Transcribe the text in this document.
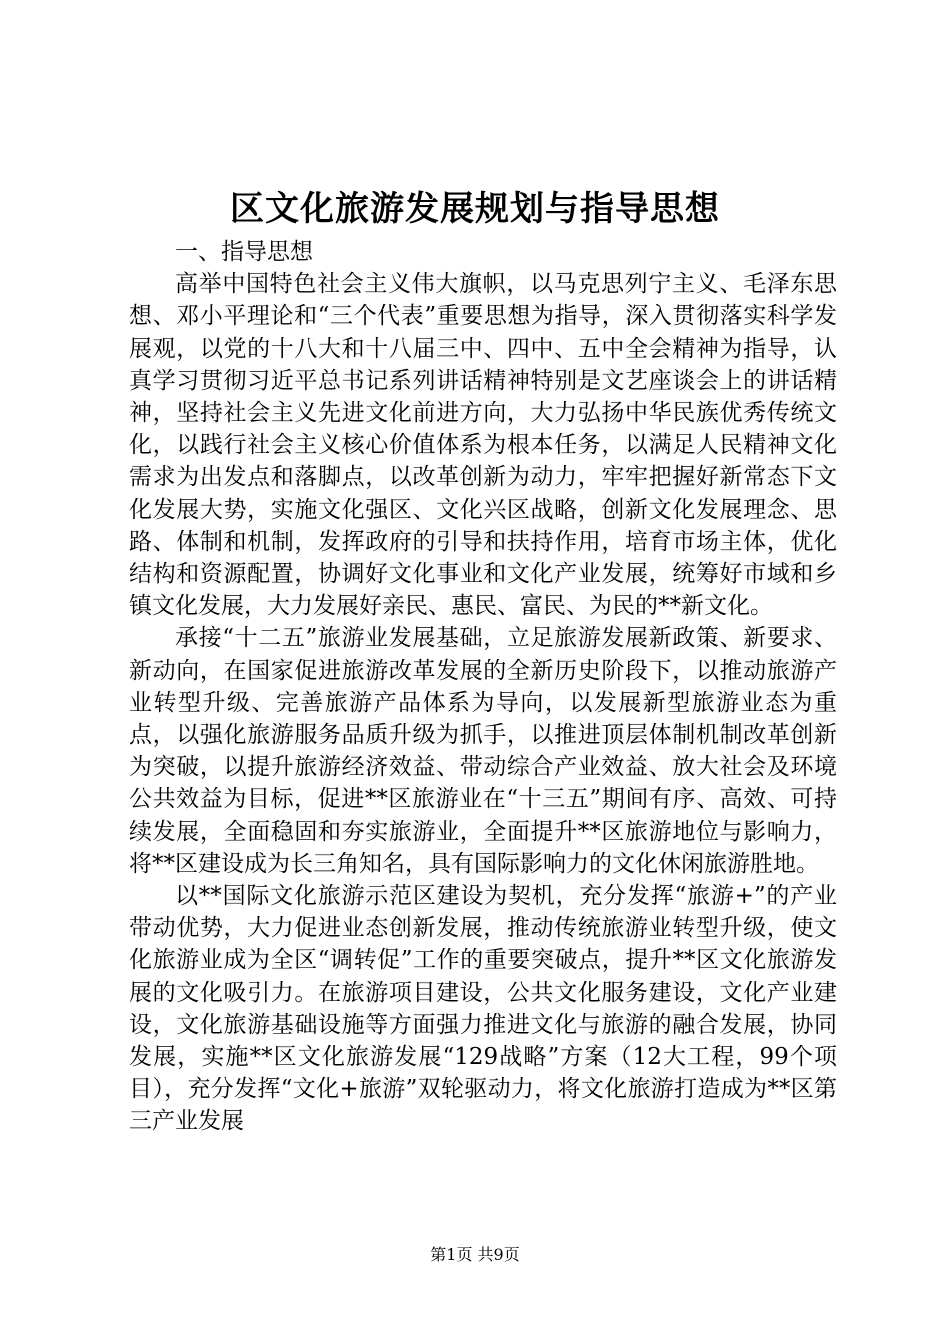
区文化旅游发展规划与指导思想

一、指导思想

高举中国特色社会主义伟大旗帜，以马克思列宁主义、毛泽东思想、邓小平理论和“三个代表”重要思想为指导，深入贯彻落实科学发展观，以党的十八大和十八届三中、四中、五中全会精神为指导，认真学习贯彻习近平总书记系列讲话精神特别是文艺座谈会上的讲话精神，坚持社会主义先进文化前进方向，大力弘扬中华民族优秀传统文化，以践行社会主义核心价值体系为根本任务，以满足人民精神文化需求为出发点和落脚点，以改革创新为动力，牢牢把握好新常态下文化发展大势，实施文化强区、文化兴区战略，创新文化发展理念、思路、体制和机制，发挥政府的引导和扶持作用，培育市场主体，优化结构和资源配置，协调好文化事业和文化产业发展，统筹好市域和乡镇文化发展，大力发展好亲民、惠民、富民、为民的**新文化。

承接“十二五”旅游业发展基础，立足旅游发展新政策、新要求、新动向，在国家促进旅游改革发展的全新历史阶段下，以推动旅游产业转型升级、完善旅游产品体系为导向，以发展新型旅游业态为重点，以强化旅游服务品质升级为抓手，以推进顶层体制机制改革创新为突破，以提升旅游经济效益、带动综合产业效益、放大社会及环境公共效益为目标，促进**区旅游业在“十三五”期间有序、高效、可持续发展，全面稳固和夯实旅游业，全面提升**区旅游地位与影响力，将**区建设成为长三角知名，具有国际影响力的文化休闲旅游胜地。

以**国际文化旅游示范区建设为契机，充分发挥“旅游+”的产业带动优势，大力促进业态创新发展，推动传统旅游业转型升级，使文化旅游业成为全区“调转促”工作的重要突破点，提升**区文化旅游发展的文化吸引力。在旅游项目建设，公共文化服务建设，文化产业建设，文化旅游基础设施等方面强力推进文化与旅游的融合发展，协同发展，实施**区文化旅游发展“129战略”方案（12大工程，99个项目），充分发挥“文化+旅游”双轮驱动力，将文化旅游打造成为**区第三产业发展

第1页 共9页
